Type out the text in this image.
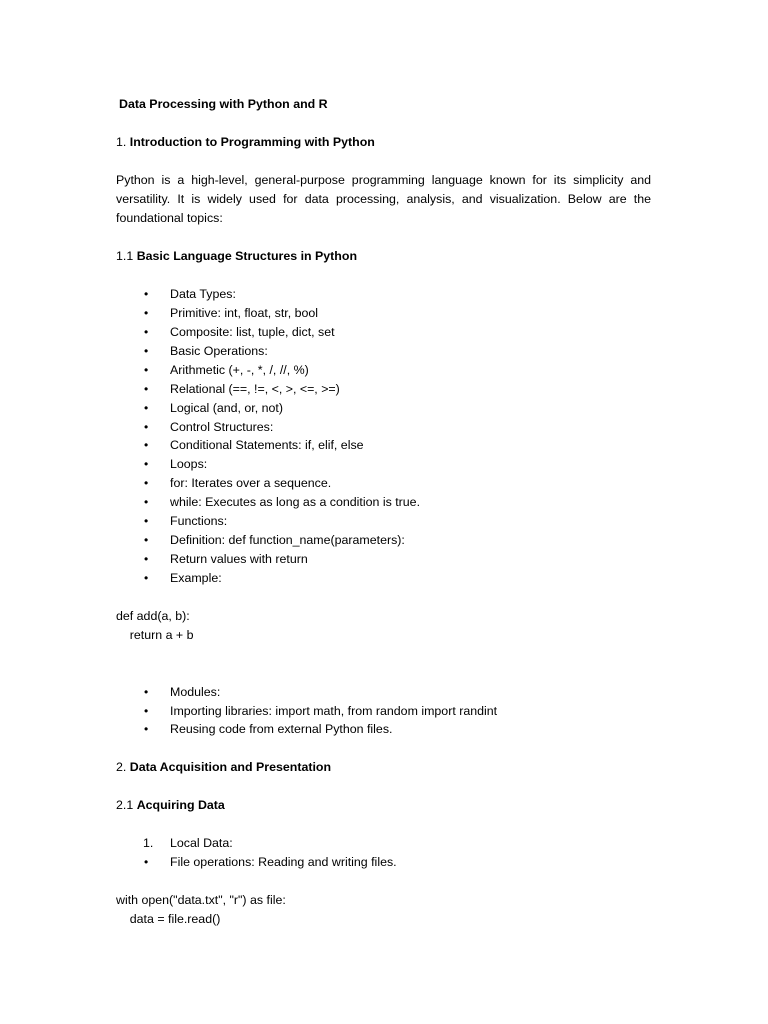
Data Processing with Python and R
1. Introduction to Programming with Python
Python is a high-level, general-purpose programming language known for its simplicity and
versatility. It is widely used for data processing, analysis, and visualization. Below are the
foundational topics:
1.1 Basic Language Structures in Python
• Data Types:
• Primitive: int, float, str, bool
• Composite: list, tuple, dict, set
• Basic Operations:
• Arithmetic (+, -, *, /, //, %)
• Relational (==, !=, <, >, <=, >=)
• Logical (and, or, not)
• Control Structures:
• Conditional Statements: if, elif, else
• Loops:
• for: Iterates over a sequence.
• while: Executes as long as a condition is true.
• Functions:
• Definition: def function_name(parameters):
• Return values with return
• Example:
def add(a, b):
return a + b
• Modules:
• Importing libraries: import math, from random import randint
• Reusing code from external Python files.
2. Data Acquisition and Presentation
2.1 Acquiring Data
1. Local Data:
• File operations: Reading and writing files.
with open("data.txt", "r") as file:
data = file.read()
